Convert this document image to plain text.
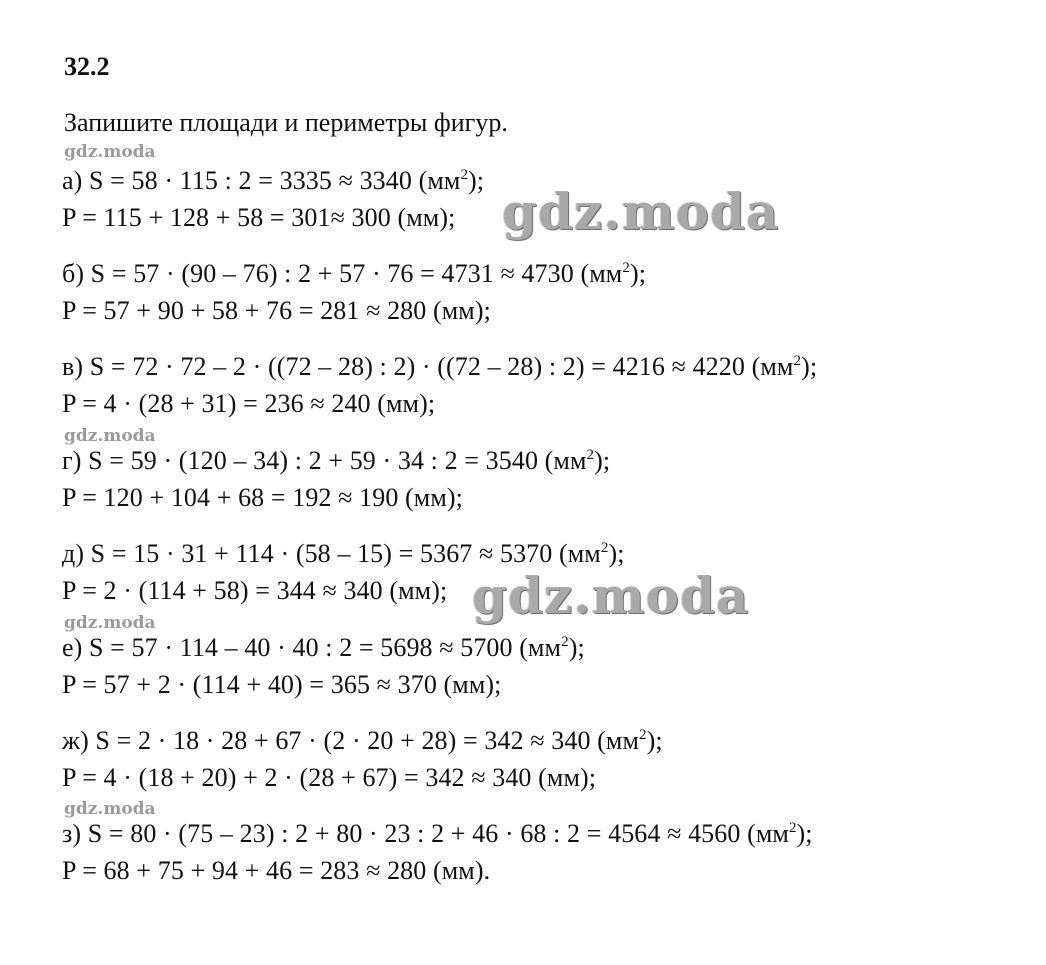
32.2
Запишите площади и периметры фигур.
gdz.moda
а) S = 58 · 115 : 2 = 3335 ≈ 3340 $(мм^2)$;
P = 115 + 128 + 58 = 301≈ 300 (мм); gdz.moda
б) S = 57 · (90 – 76) : 2 + 57 · 76 = 4731 ≈ 4730 $(мм^2)$;
P = 57 + 90 + 58 + 76 = 281 ≈ 280 (мм);
в) S = 72 · 72 – 2 · ((72 – 28) : 2) · ((72 – 28) : 2) = 4216 ≈ 4220 $(мм^2)$;
P = 4 · (28 + 31) = 236 ≈ 240 (мм);
gdz.moda
г) S = 59 · (120 – 34) : 2 + 59 · 34 : 2 = 3540 $(мм^2)$;
P = 120 + 104 + 68 = 192 ≈ 190 (мм);
д) S = 15 · 31 + 114 · (58 – 15) = 5367 ≈ 5370 $(мм^2)$;
P = 2 · (114 + 58) = 344 ≈ 340 (мм); gdz.moda
gdz.moda
е) S = 57 · 114 – 40 · 40 : 2 = 5698 ≈ 5700 $(мм^2)$;
P = 57 + 2 · (114 + 40) = 365 ≈ 370 (мм);
ж) S = 2 · 18 · 28 + 67 · (2 · 20 + 28) = 342 ≈ 340 $(мм^2)$;
P = 4 · (18 + 20) + 2 · (28 + 67) = 342 ≈ 340 (мм);
gdz.moda
з) S = 80 · (75 – 23) : 2 + 80 · 23 : 2 + 46 · 68 : 2 = 4564 ≈ 4560 $(мм^2)$;
P = 68 + 75 + 94 + 46 = 283 ≈ 280 (мм).
